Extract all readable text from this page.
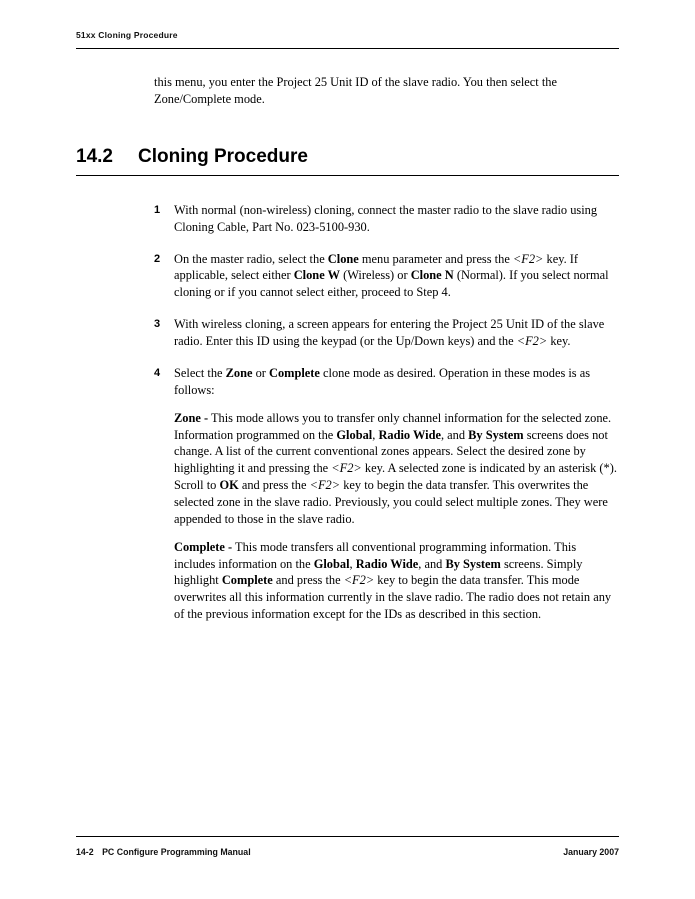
51xx Cloning Procedure

this menu, you enter the Project 25 Unit ID of the slave radio. You then select the Zone/Complete mode.

14.2	Cloning Procedure
1	With normal (non-wireless) cloning, connect the master radio to the slave radio using Cloning Cable, Part No. 023-5100-930.

2	On the master radio, select the Clone menu parameter and press the <F2> key. If applicable, select either Clone W (Wireless) or Clone N (Normal). If you select normal cloning or if you cannot select either, proceed to Step 4.

3	With wireless cloning, a screen appears for entering the Project 25 Unit ID of the slave radio. Enter this ID using the keypad (or the Up/Down keys) and the <F2> key.

4	Select the Zone or Complete clone mode as desired. Operation in these modes is as follows:

Zone - This mode allows you to transfer only channel information for the selected zone. Information programmed on the Global, Radio Wide, and By System screens does not change. A list of the current conventional zones appears. Select the desired zone by highlighting it and pressing the <F2> key. A selected zone is indicated by an asterisk (*). Scroll to OK and press the <F2> key to begin the data transfer. This overwrites the selected zone in the slave radio. Previously, you could select multiple zones. They were appended to those in the slave radio.

Complete - This mode transfers all conventional programming information. This includes information on the Global, Radio Wide, and By System screens. Simply highlight Complete and press the <F2> key to begin the data transfer. This mode overwrites all this information currently in the slave radio. The radio does not retain any of the previous information except for the IDs as described in this section.

14-2 PC Configure Programming Manual	January 2007
